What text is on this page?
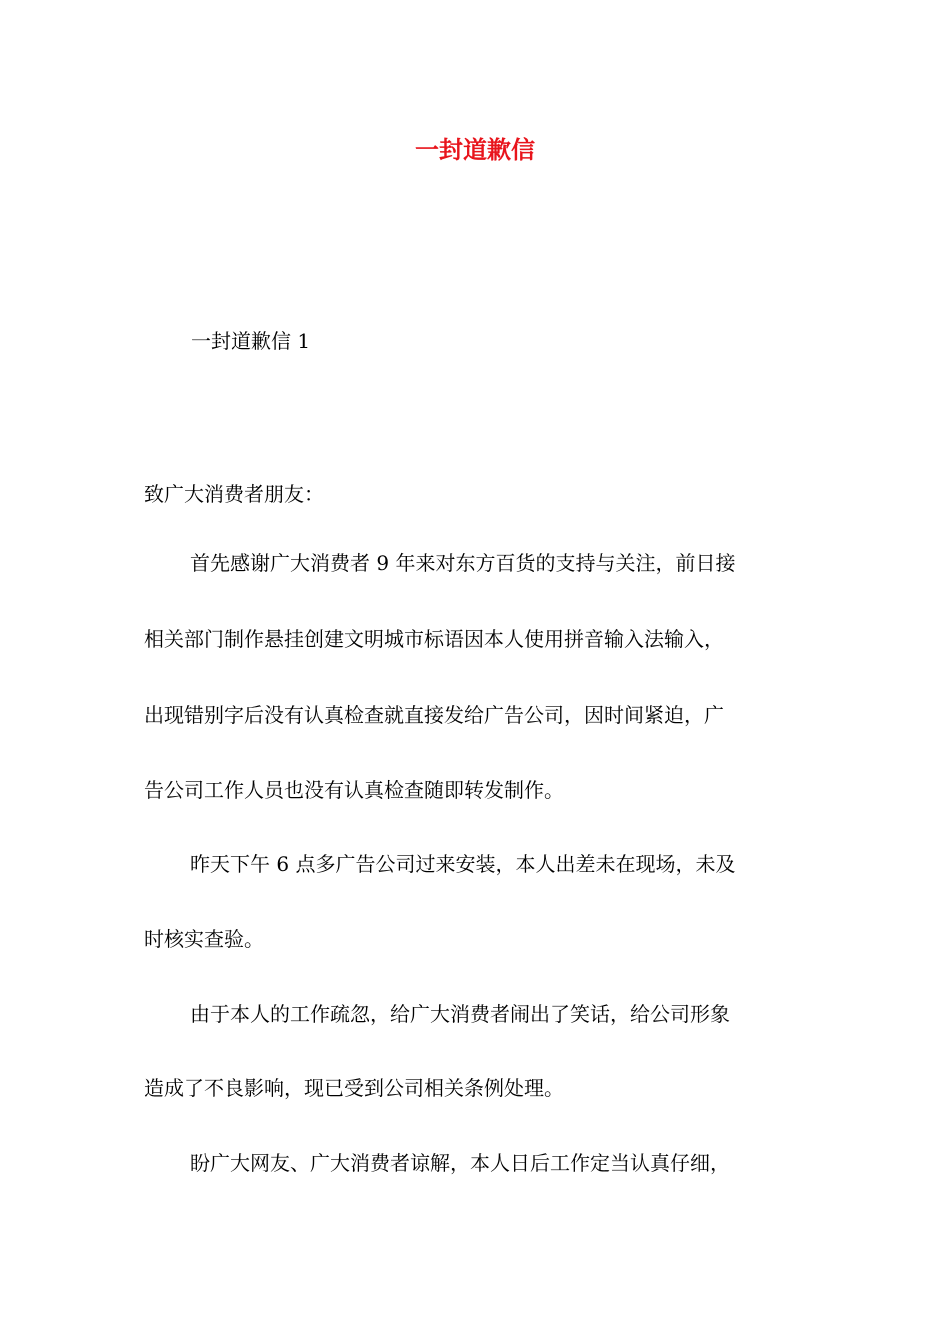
一封道歉信
一封道歉信 1
致广大消费者朋友：
首先感谢广大消费者 9 年来对东方百货的支持与关注，前日接
相关部门制作悬挂创建文明城市标语因本人使用拼音输入法输入，
出现错别字后没有认真检查就直接发给广告公司，因时间紧迫，广
告公司工作人员也没有认真检查随即转发制作。
昨天下午 6 点多广告公司过来安装，本人出差未在现场，未及
时核实查验。
由于本人的工作疏忽，给广大消费者闹出了笑话，给公司形象
造成了不良影响，现已受到公司相关条例处理。
盼广大网友、广大消费者谅解，本人日后工作定当认真仔细，
